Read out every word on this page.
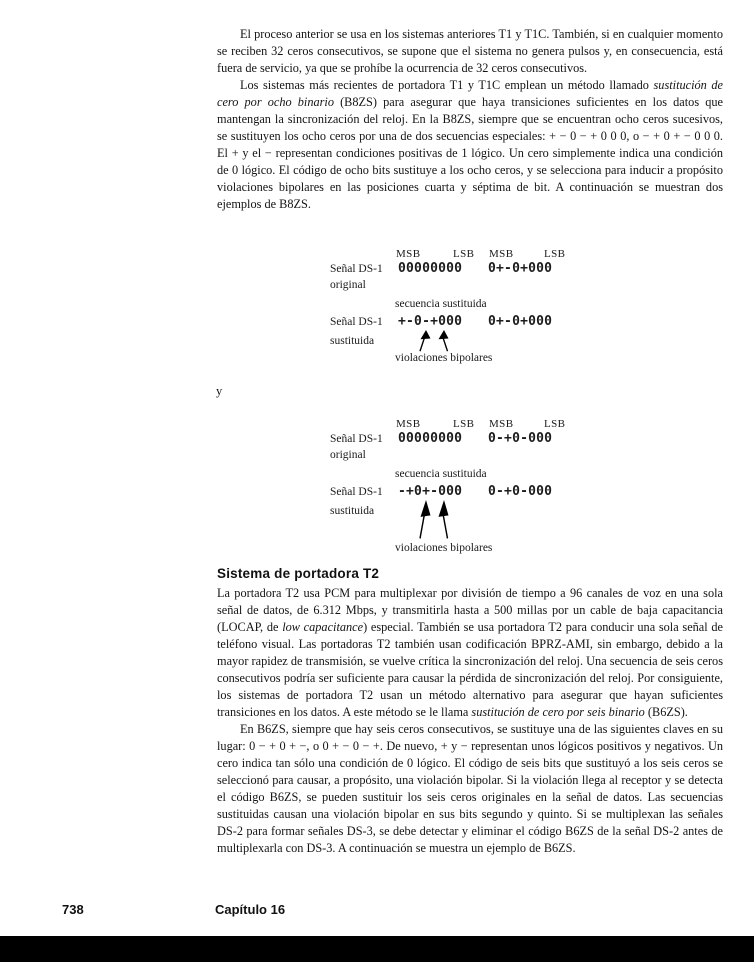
El proceso anterior se usa en los sistemas anteriores T1 y T1C. También, si en cualquier momento se reciben 32 ceros consecutivos, se supone que el sistema no genera pulsos y, en consecuencia, está fuera de servicio, ya que se prohíbe la ocurrencia de 32 ceros consecutivos.

Los sistemas más recientes de portadora T1 y T1C emplean un método llamado sustitución de cero por ocho binario (B8ZS) para asegurar que haya transiciones suficientes en los datos que mantengan la sincronización del reloj. En la B8ZS, siempre que se encuentran ocho ceros sucesivos, se sustituyen los ocho ceros por una de dos secuencias especiales: + − 0 − + 0 0 0, o − + 0 + − 0 0 0. El + y el − representan condiciones positivas de 1 lógico. Un cero simplemente indica una condición de 0 lógico. El código de ocho bits sustituye a los ocho ceros, y se selecciona para inducir a propósito violaciones bipolares en las posiciones cuarta y séptima de bit. A continuación se muestran dos ejemplos de B8ZS.

MSB	LSB MSB	LSB
Señal DS-1 00000000 0+-0+000
original
secuencia sustituida
Señal DS-1 +-0-+000 0+-0+000
sustituida
violaciones bipolares
y
MSB	LSB MSB	LSB
Señal DS-1 00000000 0-+0-000
original
secuencia sustituida
Señal DS-1 -+0+-000 0-+0-000
sustituida
violaciones bipolares
Sistema de portadora T2

La portadora T2 usa PCM para multiplexar por división de tiempo a 96 canales de voz en una sola señal de datos, de 6.312 Mbps, y transmitirla hasta a 500 millas por un cable de baja capacitancia (LOCAP, de low capacitance) especial. También se usa portadora T2 para conducir una sola señal de teléfono visual. Las portadoras T2 también usan codificación BPRZ-AMI, sin embargo, debido a la mayor rapidez de transmisión, se vuelve crítica la sincronización del reloj. Una secuencia de seis ceros consecutivos podría ser suficiente para causar la pérdida de sincronización del reloj. Por consiguiente, los sistemas de portadora T2 usan un método alternativo para asegurar que hayan suficientes transiciones en los datos. A este método se le llama sustitución de cero por seis binario (B6ZS).

En B6ZS, siempre que hay seis ceros consecutivos, se sustituye una de las siguientes claves en su lugar: 0 − + 0 + −, o 0 + − 0 − +. De nuevo, + y − representan unos lógicos positivos y negativos. Un cero indica tan sólo una condición de 0 lógico. El código de seis bits que sustituyó a los seis ceros se seleccionó para causar, a propósito, una violación bipolar. Si la violación llega al receptor y se detecta el código B6ZS, se pueden sustituir los seis ceros originales en la señal de datos. Las secuencias sustituidas causan una violación bipolar en sus bits segundo y quinto. Si se multiplexan las señales DS-2 para formar señales DS-3, se debe detectar y eliminar el código B6ZS de la señal DS-2 antes de multiplexarla con DS-3. A continuación se muestra un ejemplo de B6ZS.

738	Capítulo 16
